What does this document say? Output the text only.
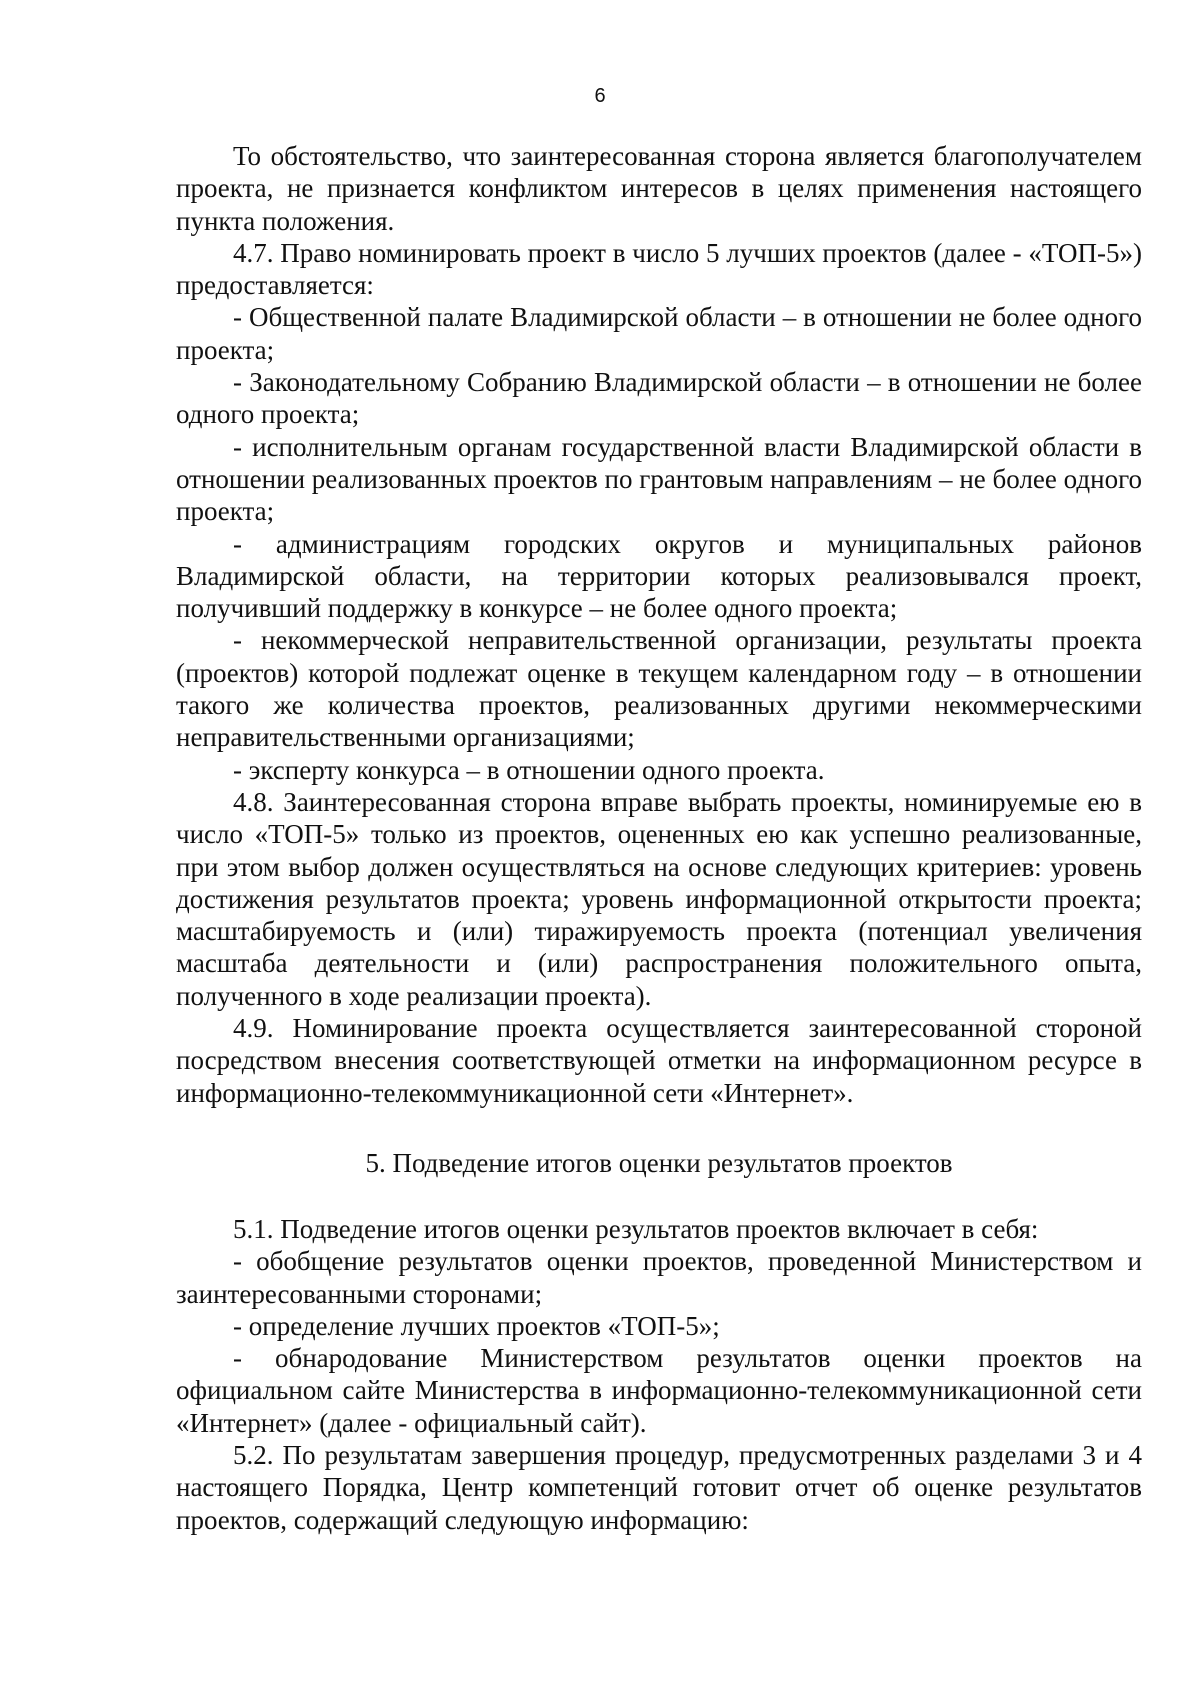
6

То обстоятельство, что заинтересованная сторона является благополучателем проекта, не признается конфликтом интересов в целях применения настоящего пункта положения.

4.7. Право номинировать проект в число 5 лучших проектов (далее - «ТОП-5») предоставляется:

- Общественной палате Владимирской области – в отношении не более одного проекта;

- Законодательному Собранию Владимирской области – в отношении не более одного проекта;

- исполнительным органам государственной власти Владимирской области в отношении реализованных проектов по грантовым направлениям – не более одного проекта;

- администрациям городских округов и муниципальных районов Владимирской области, на территории которых реализовывался проект, получивший поддержку в конкурсе – не более одного проекта;

- некоммерческой неправительственной организации, результаты проекта (проектов) которой подлежат оценке в текущем календарном году – в отношении такого же количества проектов, реализованных другими некоммерческими неправительственными организациями;

- эксперту конкурса – в отношении одного проекта.

4.8. Заинтересованная сторона вправе выбрать проекты, номинируемые ею в число «ТОП-5» только из проектов, оцененных ею как успешно реализованные, при этом выбор должен осуществляться на основе следующих критериев: уровень достижения результатов проекта; уровень информационной открытости проекта; масштабируемость и (или) тиражируемость проекта (потенциал увеличения масштаба деятельности и (или) распространения положительного опыта, полученного в ходе реализации проекта).

4.9. Номинирование проекта осуществляется заинтересованной стороной посредством внесения соответствующей отметки на информационном ресурсе в информационно-телекоммуникационной сети «Интернет».

5. Подведение итогов оценки результатов проектов

5.1. Подведение итогов оценки результатов проектов включает в себя:

- обобщение результатов оценки проектов, проведенной Министерством и заинтересованными сторонами;

- определение лучших проектов «ТОП-5»;

- обнародование Министерством результатов оценки проектов на официальном сайте Министерства в информационно-телекоммуникационной сети «Интернет» (далее - официальный сайт).

5.2. По результатам завершения процедур, предусмотренных разделами 3 и 4 настоящего Порядка, Центр компетенций готовит отчет об оценке результатов проектов, содержащий следующую информацию:
